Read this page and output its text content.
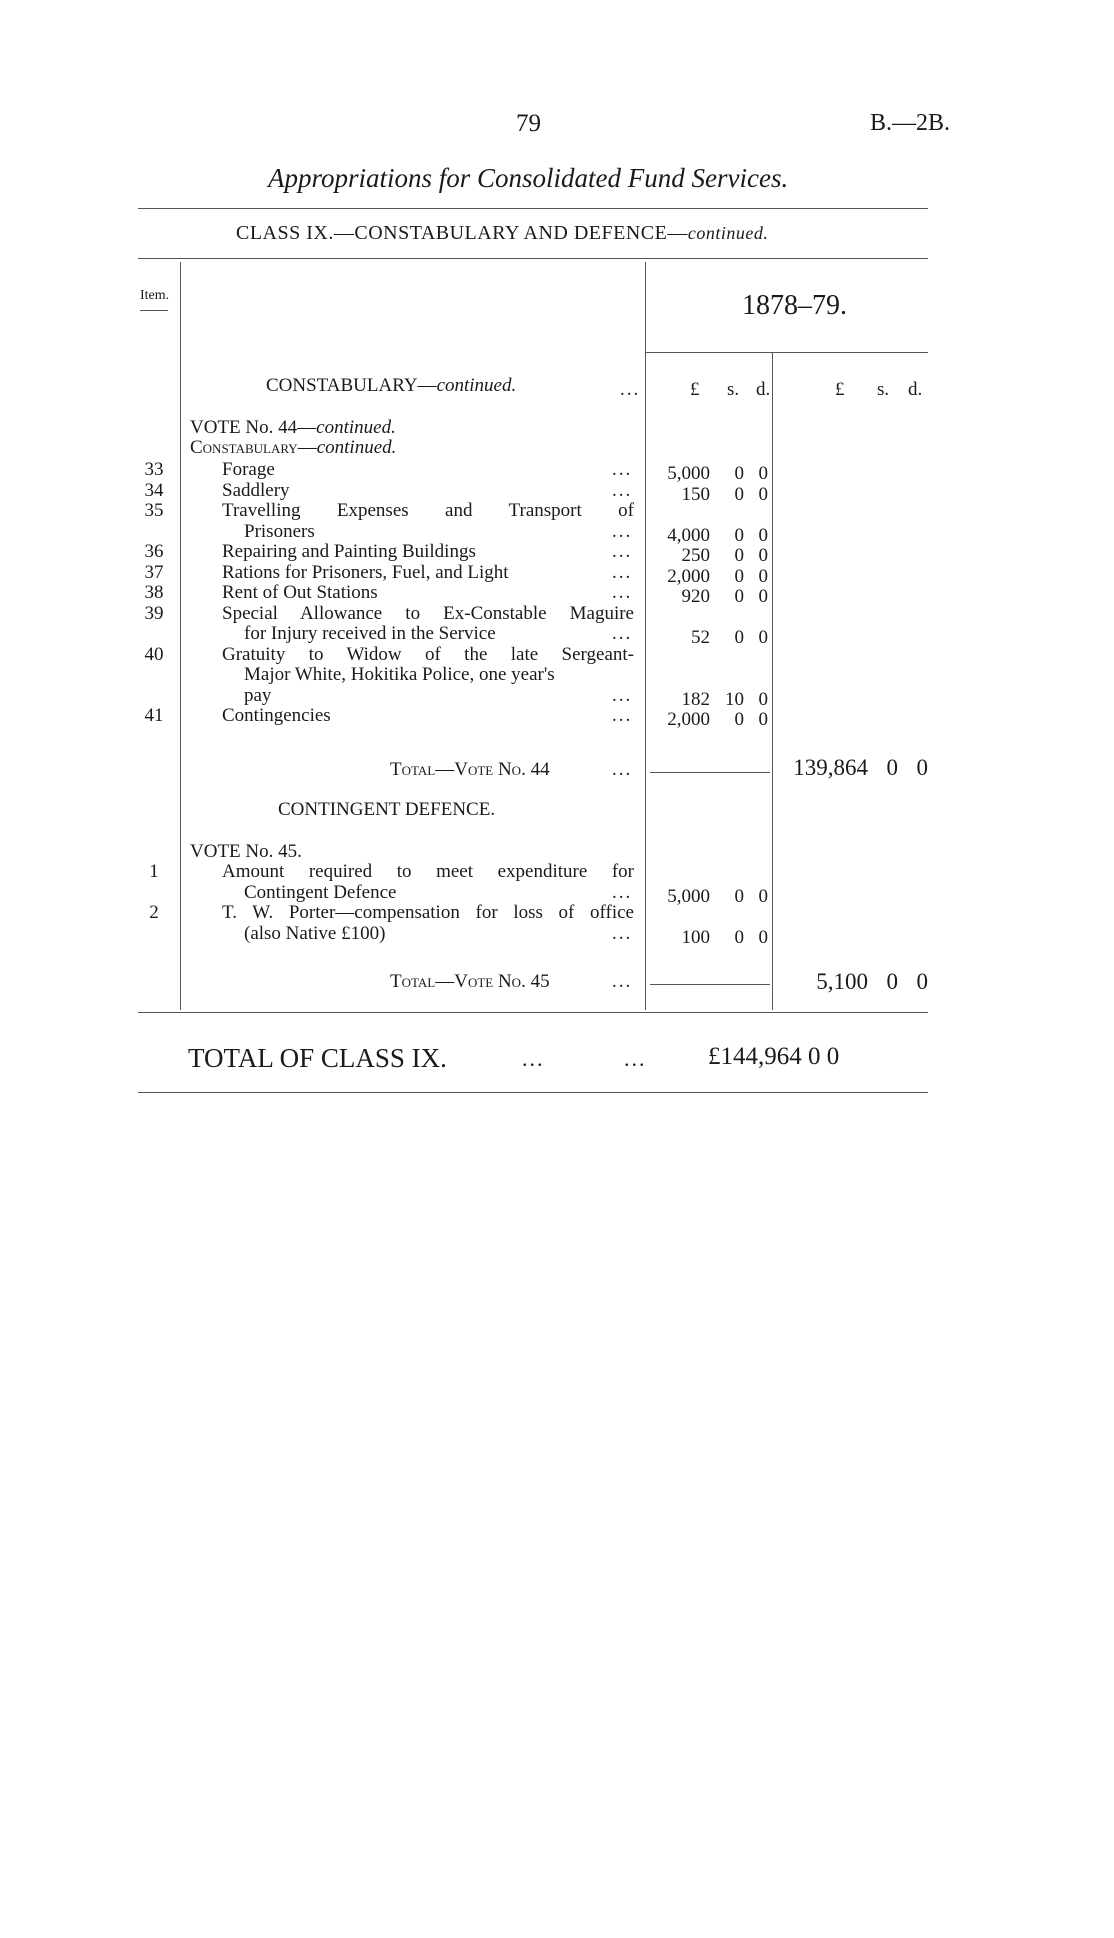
79	B.—2B.
Appropriations for Consolidated Fund Services.
CLASS IX.—CONSTABULARY AND DEFENCE—continued.
Item.	1878–79.
CONSTABULARY—continued.	...	£ s. d.	£ s. d.
VOTE No. 44—continued.
Constabulary—continued.
33	Forage	...	5,000	0 0
34	Saddlery	...	150	0 0
35	Travelling Expenses and Transport of
Prisoners	...	4,000	0 0
36	Repairing and Painting Buildings	...	250	0 0
37	Rations for Prisoners, Fuel, and Light	...	2,000	0 0
38	Rent of Out Stations	...	920	0 0
39	Special Allowance to Ex-Constable Maguire
for Injury received in the Service	...	52	0 0
40	Gratuity to Widow of the late Sergeant-
Major White, Hokitika Police, one year's
pay	...	182 10 0
41	Contingencies	...	2,000	0 0
Total—Vote No. 44	...	139,864 0 0
CONTINGENT DEFENCE.
VOTE No. 45.
1	Amount required to meet expenditure for
Contingent Defence	...	5,000	0 0
2	T. W. Porter—compensation for loss of office
(also Native £100)	...	100	0 0
Total—Vote No. 45	...	5,100 0 0
TOTAL OF CLASS IX.	...	... £144,964 0 0
